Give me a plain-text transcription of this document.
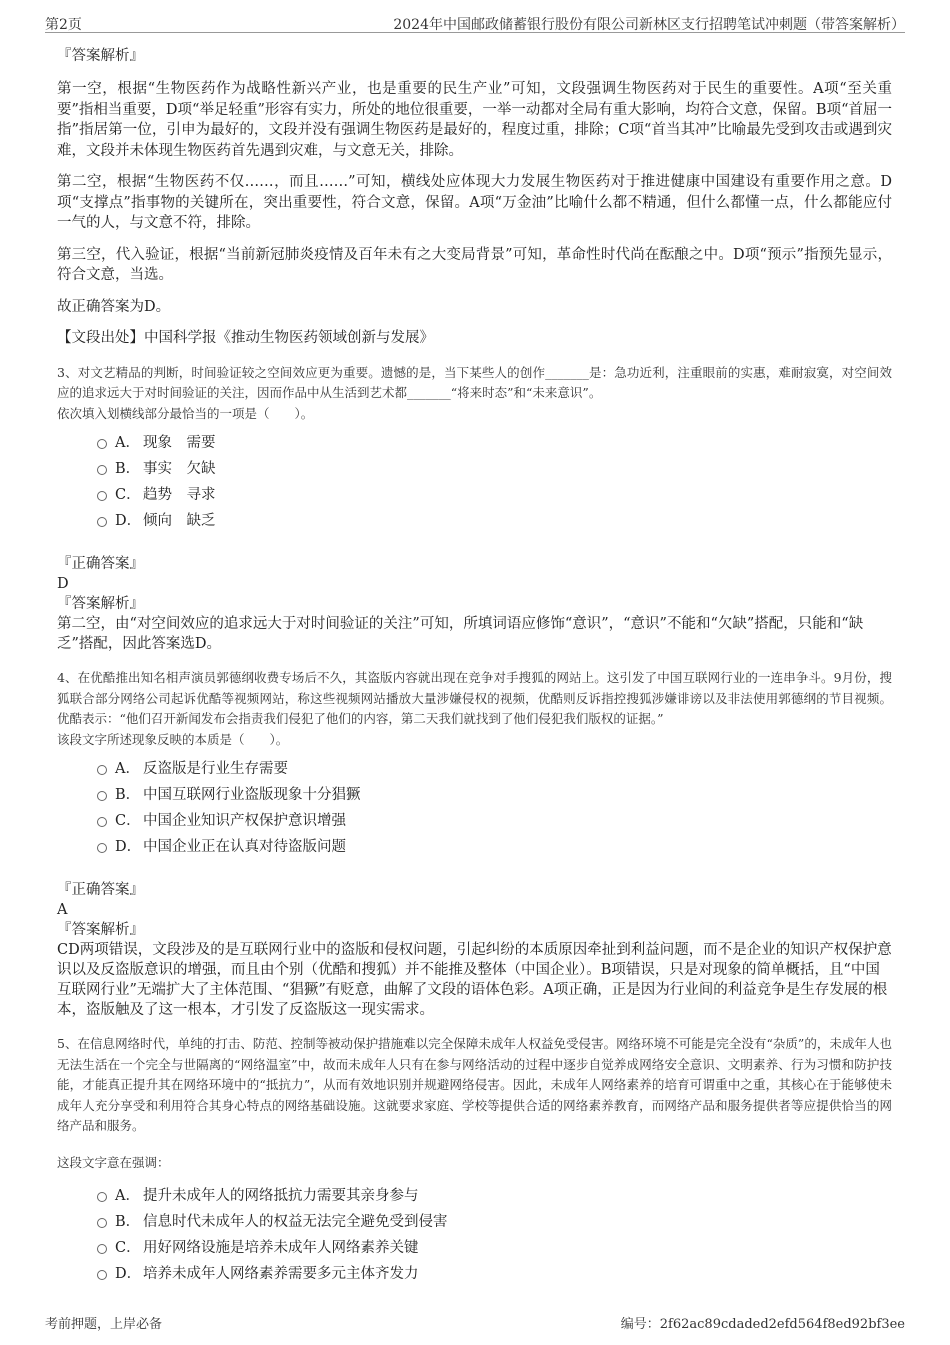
第2页	2024年中国邮政储蓄银行股份有限公司新林区支行招聘笔试冲刺题（带答案解析）

『答案解析』

第一空，根据“生物医药作为战略性新兴产业，也是重要的民生产业”可知，文段强调生物医药对于民生的重要性。A项“至关重要”指相当重要，D项“举足轻重”形容有实力，所处的地位很重要，一举一动都对全局有重大影响，均符合文意，保留。B项“首屈一指”指居第一位，引申为最好的，文段并没有强调生物医药是最好的，程度过重，排除；C项“首当其冲”比喻最先受到攻击或遇到灾难，文段并未体现生物医药首先遇到灾难，与文意无关，排除。

第二空，根据“生物医药不仅……，而且……”可知，横线处应体现大力发展生物医药对于推进健康中国建设有重要作用之意。D项“支撑点”指事物的关键所在，突出重要性，符合文意，保留。A项“万金油”比喻什么都不精通，但什么都懂一点，什么都能应付一气的人，与文意不符，排除。

第三空，代入验证，根据“当前新冠肺炎疫情及百年未有之大变局背景”可知，革命性时代尚在酝酿之中。D项“预示”指预先显示，符合文意，当选。

故正确答案为D。

【文段出处】中国科学报《推动生物医药领域创新与发展》

3、对文艺精品的判断，时间验证较之空间效应更为重要。遗憾的是，当下某些人的创作_______是：急功近利，注重眼前的实惠，难耐寂寞，对空间效应的追求远大于对时间验证的关注，因而作品中从生活到艺术都_______“将来时态”和“未来意识”。

依次填入划横线部分最恰当的一项是（　　）。

A． 现象　需要
B． 事实　欠缺
C． 趋势　寻求
D． 倾向　缺乏

『正确答案』

D

『答案解析』

第二空，由“对空间效应的追求远大于对时间验证的关注”可知，所填词语应修饰“意识”，“意识”不能和“欠缺”搭配，只能和“缺乏”搭配，因此答案选D。

4、在优酷推出知名相声演员郭德纲收费专场后不久，其盗版内容就出现在竞争对手搜狐的网站上。这引发了中国互联网行业的一连串争斗。9月份，搜狐联合部分网络公司起诉优酷等视频网站，称这些视频网站播放大量涉嫌侵权的视频，优酷则反诉指控搜狐涉嫌诽谤以及非法使用郭德纲的节目视频。优酷表示：“他们召开新闻发布会指责我们侵犯了他们的内容，第二天我们就找到了他们侵犯我们版权的证据。”

该段文字所述现象反映的本质是（　　）。

A． 反盗版是行业生存需要
B． 中国互联网行业盗版现象十分猖獗
C． 中国企业知识产权保护意识增强
D． 中国企业正在认真对待盗版问题

『正确答案』

A

『答案解析』

CD两项错误，文段涉及的是互联网行业中的盗版和侵权问题，引起纠纷的本质原因牵扯到利益问题，而不是企业的知识产权保护意识以及反盗版意识的增强，而且由个别（优酷和搜狐）并不能推及整体（中国企业）。B项错误，只是对现象的简单概括，且“中国互联网行业”无端扩大了主体范围、“猖獗”有贬意，曲解了文段的语体色彩。A项正确，正是因为行业间的利益竞争是生存发展的根本，盗版触及了这一根本，才引发了反盗版这一现实需求。

5、在信息网络时代，单纯的打击、防范、控制等被动保护措施难以完全保障未成年人权益免受侵害。网络环境不可能是完全没有“杂质”的，未成年人也无法生活在一个完全与世隔离的“网络温室”中，故而未成年人只有在参与网络活动的过程中逐步自觉养成网络安全意识、文明素养、行为习惯和防护技能，才能真正提升其在网络环境中的“抵抗力”，从而有效地识别并规避网络侵害。因此，未成年人网络素养的培育可谓重中之重，其核心在于能够使未成年人充分享受和利用符合其身心特点的网络基础设施。这就要求家庭、学校等提供合适的网络素养教育，而网络产品和服务提供者等应提供恰当的网络产品和服务。

这段文字意在强调：

A． 提升未成年人的网络抵抗力需要其亲身参与
B． 信息时代未成年人的权益无法完全避免受到侵害
C． 用好网络设施是培养未成年人网络素养关键
D． 培养未成年人网络素养需要多元主体齐发力
考前押题，上岸必备	编号：2f62ac89cdaded2efd564f8ed92bf3ee
